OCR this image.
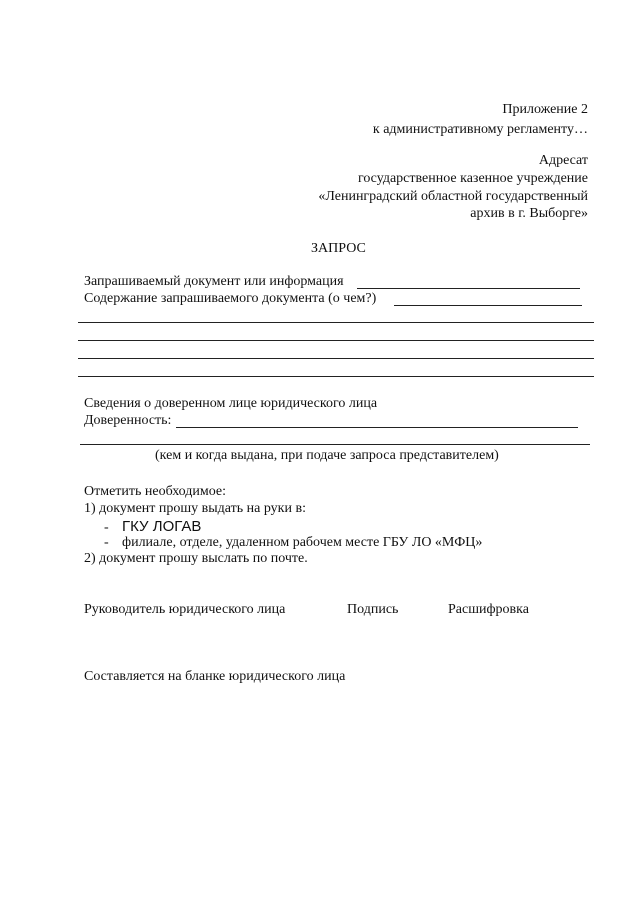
Приложение 2
к административному регламенту…
Адресат
государственное казенное учреждение
«Ленинградский областной государственный
архив в г. Выборге»
ЗАПРОС
Запрашиваемый документ или информация
Содержание запрашиваемого документа (о чем?)
Сведения о доверенном лице юридического лица
Доверенность:
(кем и когда выдана, при подаче запроса представителем)
Отметить необходимое:
1) документ прошу выдать на руки в:
- ГКУ ЛОГАВ
- филиале, отделе, удаленном рабочем месте ГБУ ЛО «МФЦ»
2) документ прошу выслать по почте.
Руководитель юридического лица	Подпись	Расшифровка
Составляется на бланке юридического лица
